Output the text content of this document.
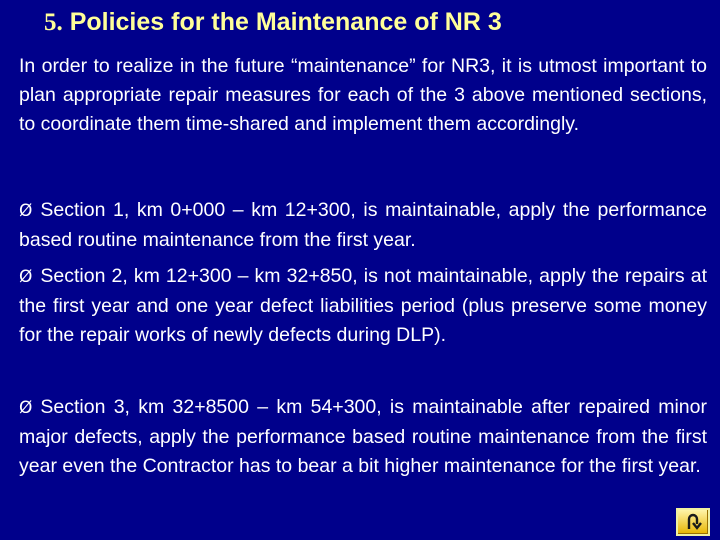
5. Policies for the Maintenance of NR 3
In order to realize in the future “maintenance” for NR3, it is utmost important to plan appropriate repair measures for each of the 3 above mentioned sections, to coordinate them time-shared and implement them accordingly.
Ø Section 1, km 0+000 – km 12+300, is maintainable, apply the performance based routine maintenance from the first year.
Ø Section 2, km 12+300 – km 32+850, is not maintainable, apply the repairs at the first year and one year defect liabilities period (plus preserve some money for the repair works of newly defects during DLP).
Ø Section 3, km 32+8500 – km 54+300, is maintainable after repaired minor major defects, apply the performance based routine maintenance from the first year even the Contractor has to bear a bit higher maintenance for the first year.
